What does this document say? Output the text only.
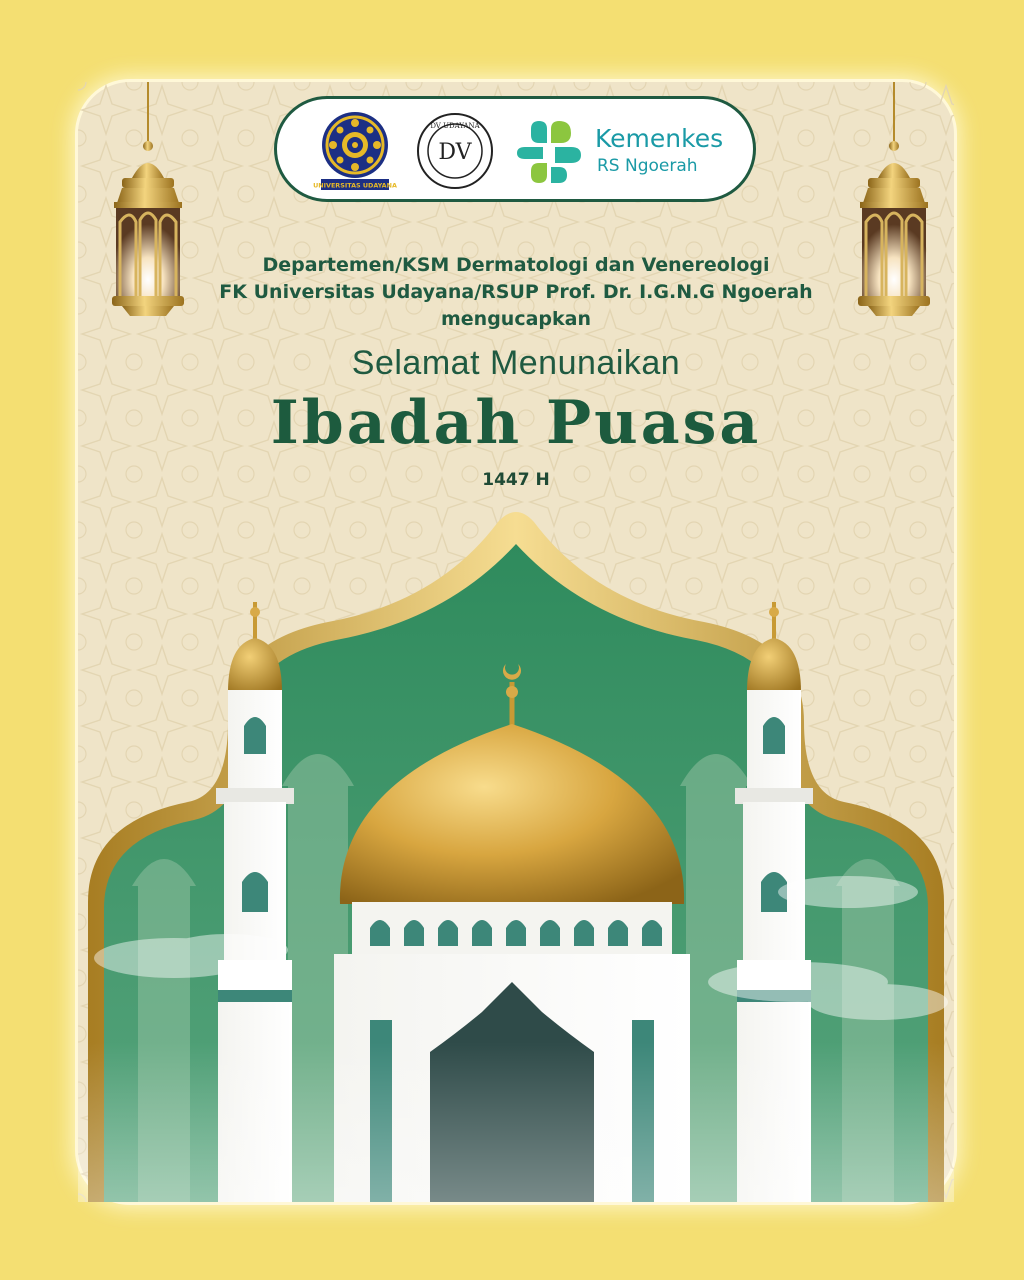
UNIVERSITAS UDAYANA
DV UDAYANA
DV	Kemenkes
RS Ngoerah
Departemen/KSM Dermatologi dan Venereologi
FK Universitas Udayana/RSUP Prof. Dr. I.G.N.G Ngoerah
mengucapkan
Selamat Menunaikan
Ibadah Puasa
1447 H
